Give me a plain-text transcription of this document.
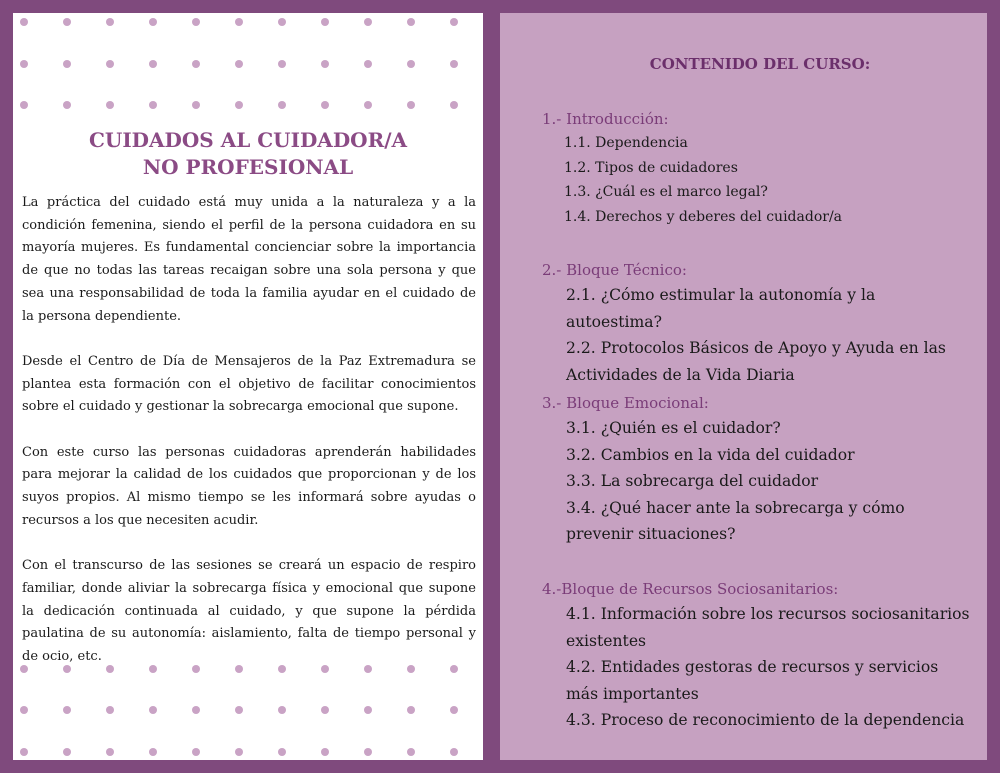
CUIDADOS AL CUIDADOR/A
NO PROFESIONAL

La práctica del cuidado está muy unida a la naturaleza y a la condición femenina, siendo el perfil de la persona cuidadora en su mayoría mujeres. Es fundamental concienciar sobre la importancia de que no todas las tareas recaigan sobre una sola persona y que sea una responsabilidad de toda la familia ayudar en el cuidado de la persona dependiente.

Desde el Centro de Día de Mensajeros de la Paz Extremadura se plantea esta formación con el objetivo de facilitar conocimientos sobre el cuidado y gestionar la sobrecarga emocional que supone.

Con este curso las personas cuidadoras aprenderán habilidades para mejorar la calidad de los cuidados que proporcionan y de los suyos propios. Al mismo tiempo se les informará sobre ayudas o recursos a los que necesiten acudir.

Con el transcurso de las sesiones se creará un espacio de respiro familiar, donde aliviar la sobrecarga física y emocional que supone la dedicación continuada al cuidado, y que supone la pérdida paulatina de su autonomía: aislamiento, falta de tiempo personal y de ocio, etc.

CONTENIDO DEL CURSO:
1.- Introducción:
1.1. Dependencia
1.2. Tipos de cuidadores
1.3. ¿Cuál es el marco legal?
1.4. Derechos y deberes del cuidador/a
2.- Bloque Técnico:
2.1. ¿Cómo estimular la autonomía y la autoestima?
2.2. Protocolos Básicos de Apoyo y Ayuda en las Actividades de la Vida Diaria
3.- Bloque Emocional:
3.1. ¿Quién es el cuidador?
3.2. Cambios en la vida del cuidador
3.3. La sobrecarga del cuidador
3.4. ¿Qué hacer ante la sobrecarga y cómo prevenir situaciones?
4.-Bloque de Recursos Sociosanitarios:
4.1. Información sobre los recursos sociosanitarios existentes
4.2. Entidades gestoras de recursos y servicios más importantes
4.3. Proceso de reconocimiento de la dependencia
